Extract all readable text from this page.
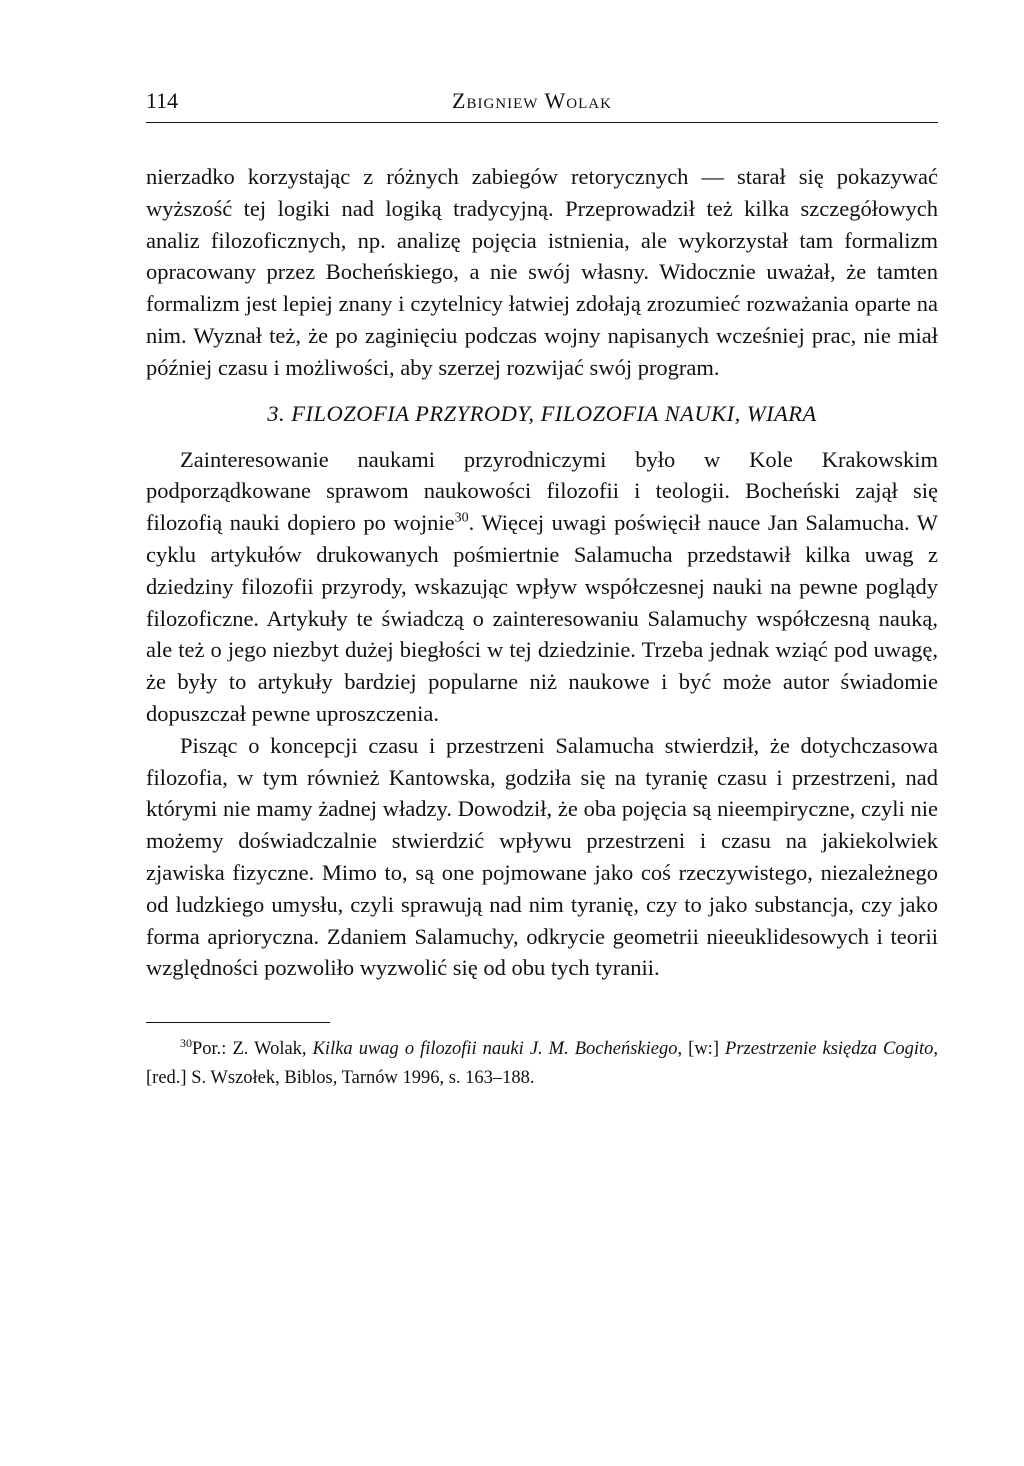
114	Zbigniew Wolak

nierzadko korzystając z różnych zabiegów retorycznych — starał się pokazywać wyższość tej logiki nad logiką tradycyjną. Przeprowadził też kilka szczegółowych analiz filozoficznych, np. analizę pojęcia istnienia, ale wykorzystał tam formalizm opracowany przez Bocheńskiego, a nie swój własny. Widocznie uważał, że tamten formalizm jest lepiej znany i czytelnicy łatwiej zdołają zrozumieć rozważania oparte na nim. Wyznał też, że po zaginięciu podczas wojny napisanych wcześniej prac, nie miał później czasu i możliwości, aby szerzej rozwijać swój program.

3. FILOZOFIA PRZYRODY, FILOZOFIA NAUKI, WIARA

Zainteresowanie naukami przyrodniczymi było w Kole Krakowskim podporządkowane sprawom naukowości filozofii i teologii. Bocheński zajął się filozofią nauki dopiero po wojnie$^{30}$. Więcej uwagi poświęcił nauce Jan Salamucha. W cyklu artykułów drukowanych pośmiertnie Salamucha przedstawił kilka uwag z dziedziny filozofii przyrody, wskazując wpływ współczesnej nauki na pewne poglądy filozoficzne. Artykuły te świadczą o zainteresowaniu Salamuchy współczesną nauką, ale też o jego niezbyt dużej biegłości w tej dziedzinie. Trzeba jednak wziąć pod uwagę, że były to artykuły bardziej popularne niż naukowe i być może autor świadomie dopuszczał pewne uproszczenia.

Pisząc o koncepcji czasu i przestrzeni Salamucha stwierdził, że dotychczasowa filozofia, w tym również Kantowska, godziła się na tyranię czasu i przestrzeni, nad którymi nie mamy żadnej władzy. Dowodził, że oba pojęcia są nieempiryczne, czyli nie możemy doświadczalnie stwierdzić wpływu przestrzeni i czasu na jakiekolwiek zjawiska fizyczne. Mimo to, są one pojmowane jako coś rzeczywistego, niezależnego od ludzkiego umysłu, czyli sprawują nad nim tyranię, czy to jako substancja, czy jako forma aprioryczna. Zdaniem Salamuchy, odkrycie geometrii nieeuklidesowych i teorii względności pozwoliło wyzwolić się od obu tych tyranii.

$^{30}$Por.: Z. Wolak, Kilka uwag o filozofii nauki J. M. Bocheńskiego, [w:] Przestrzenie księdza Cogito, [red.] S. Wszołek, Biblos, Tarnów 1996, s. 163–188.
